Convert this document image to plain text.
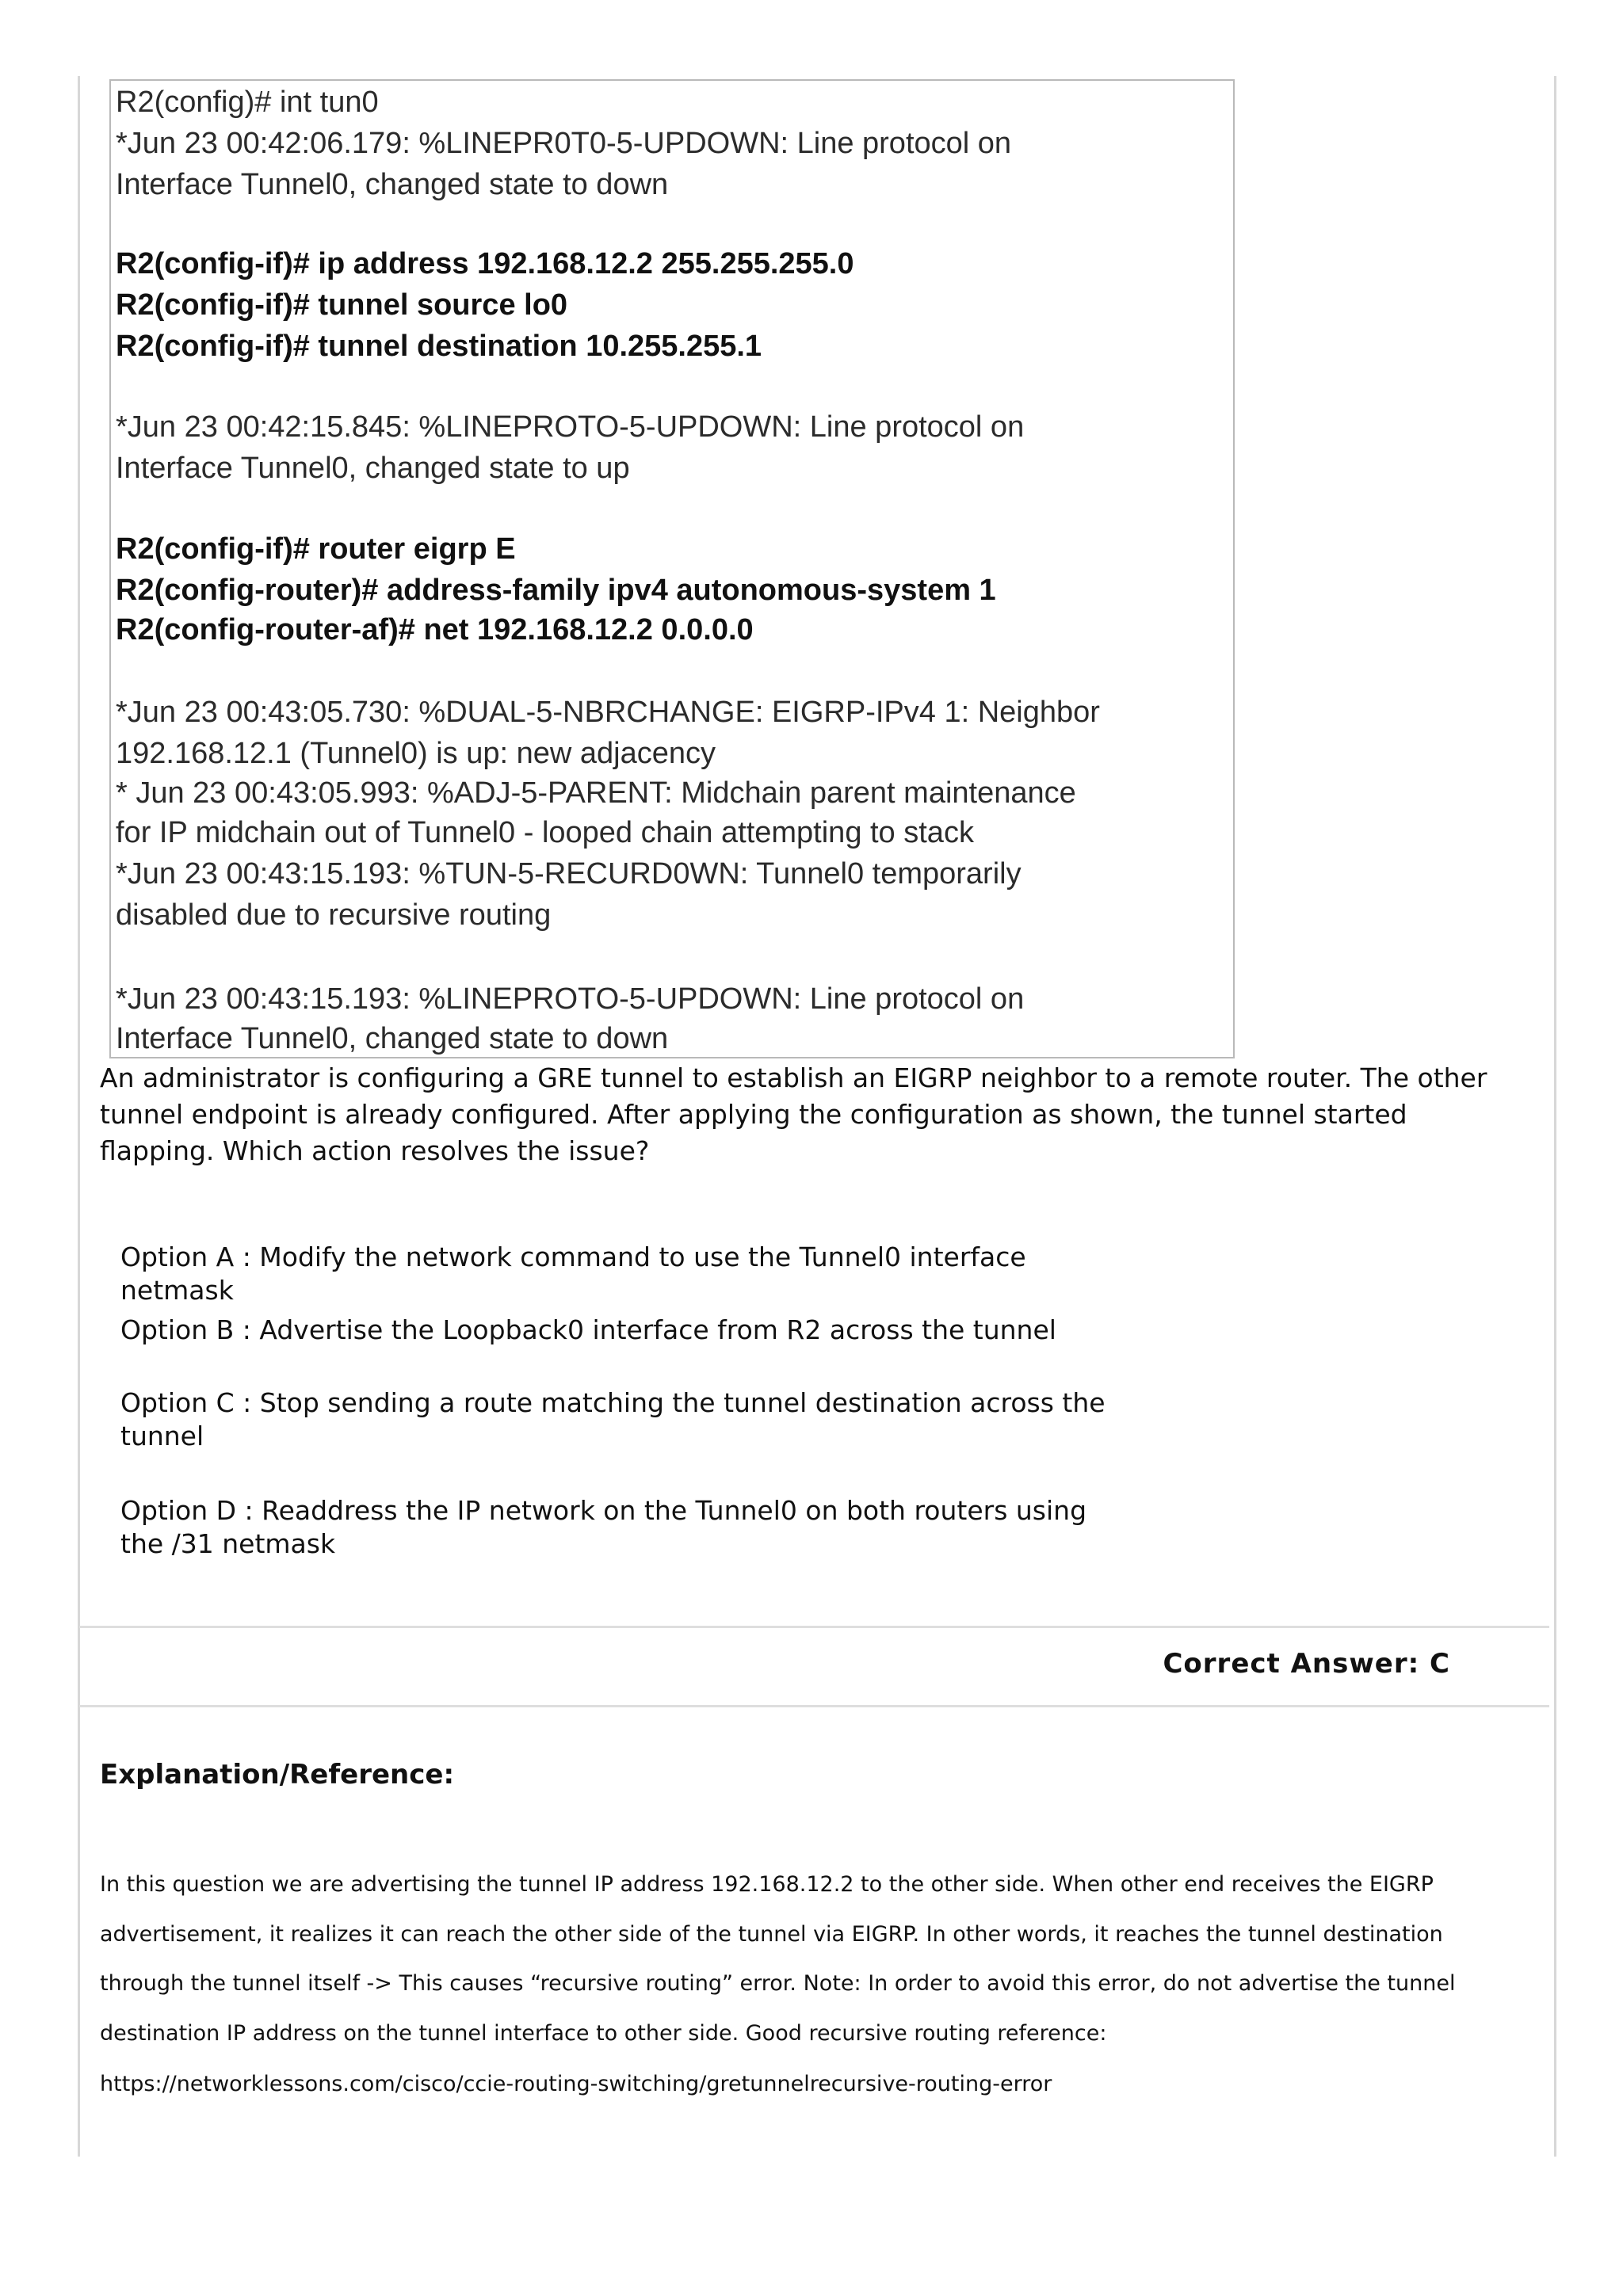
R2(config)# int tun0
*Jun 23 00:42:06.179: %LINEPR0T0-5-UPDOWN: Line protocol on
Interface Tunnel0, changed state to down
R2(config-if)# ip address 192.168.12.2 255.255.255.0
R2(config-if)# tunnel source lo0
R2(config-if)# tunnel destination 10.255.255.1
*Jun 23 00:42:15.845: %LINEPROTO-5-UPDOWN: Line protocol on
Interface Tunnel0, changed state to up
R2(config-if)# router eigrp E
R2(config-router)# address-family ipv4 autonomous-system 1
R2(config-router-af)# net 192.168.12.2 0.0.0.0
*Jun 23 00:43:05.730: %DUAL-5-NBRCHANGE: EIGRP-IPv4 1: Neighbor
192.168.12.1 (Tunnel0) is up: new adjacency
* Jun 23 00:43:05.993: %ADJ-5-PARENT: Midchain parent maintenance
for IP midchain out of Tunnel0 - looped chain attempting to stack
*Jun 23 00:43:15.193: %TUN-5-RECURD0WN: Tunnel0 temporarily
disabled due to recursive routing
*Jun 23 00:43:15.193: %LINEPROTO-5-UPDOWN: Line protocol on
Interface Tunnel0, changed state to down
An administrator is configuring a GRE tunnel to establish an EIGRP neighbor to a remote router. The other tunnel endpoint is already configured. After applying the configuration as shown, the tunnel started flapping. Which action resolves the issue?
Option A : Modify the network command to use the Tunnel0 interface netmask
Option B : Advertise the Loopback0 interface from R2 across the tunnel
Option C : Stop sending a route matching the tunnel destination across the tunnel
Option D : Readdress the IP network on the Tunnel0 on both routers using the /31 netmask
Correct Answer: C
Explanation/Reference:
In this question we are advertising the tunnel IP address 192.168.12.2 to the other side. When other end receives the EIGRP advertisement, it realizes it can reach the other side of the tunnel via EIGRP. In other words, it reaches the tunnel destination through the tunnel itself -> This causes “recursive routing” error. Note: In order to avoid this error, do not advertise the tunnel destination IP address on the tunnel interface to other side. Good recursive routing reference:
https://networklessons.com/cisco/ccie-routing-switching/gretunnelrecursive-routing-error
